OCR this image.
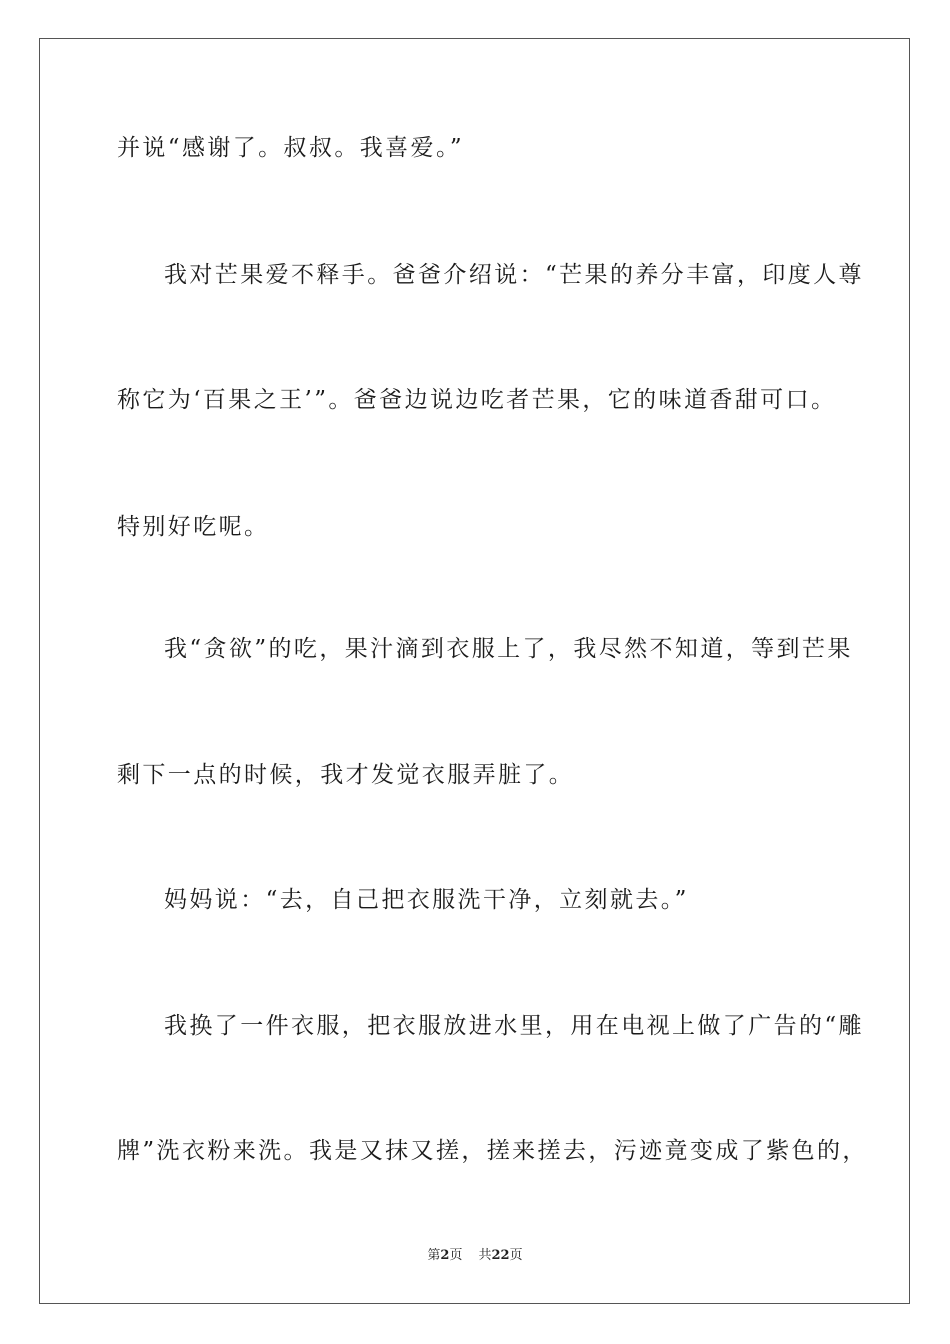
并说“感谢了。叔叔。我喜爱。”
我对芒果爱不释手。爸爸介绍说：“芒果的养分丰富，印度人尊
称它为‘百果之王’”。爸爸边说边吃者芒果，它的味道香甜可口。
特别好吃呢。
我“贪欲”的吃，果汁滴到衣服上了，我尽然不知道，等到芒果
剩下一点的时候，我才发觉衣服弄脏了。
妈妈说：“去，自己把衣服洗干净，立刻就去。”
我换了一件衣服，把衣服放进水里，用在电视上做了广告的“雕
牌”洗衣粉来洗。我是又抹又搓，搓来搓去，污迹竟变成了紫色的，
第2页 共22页
